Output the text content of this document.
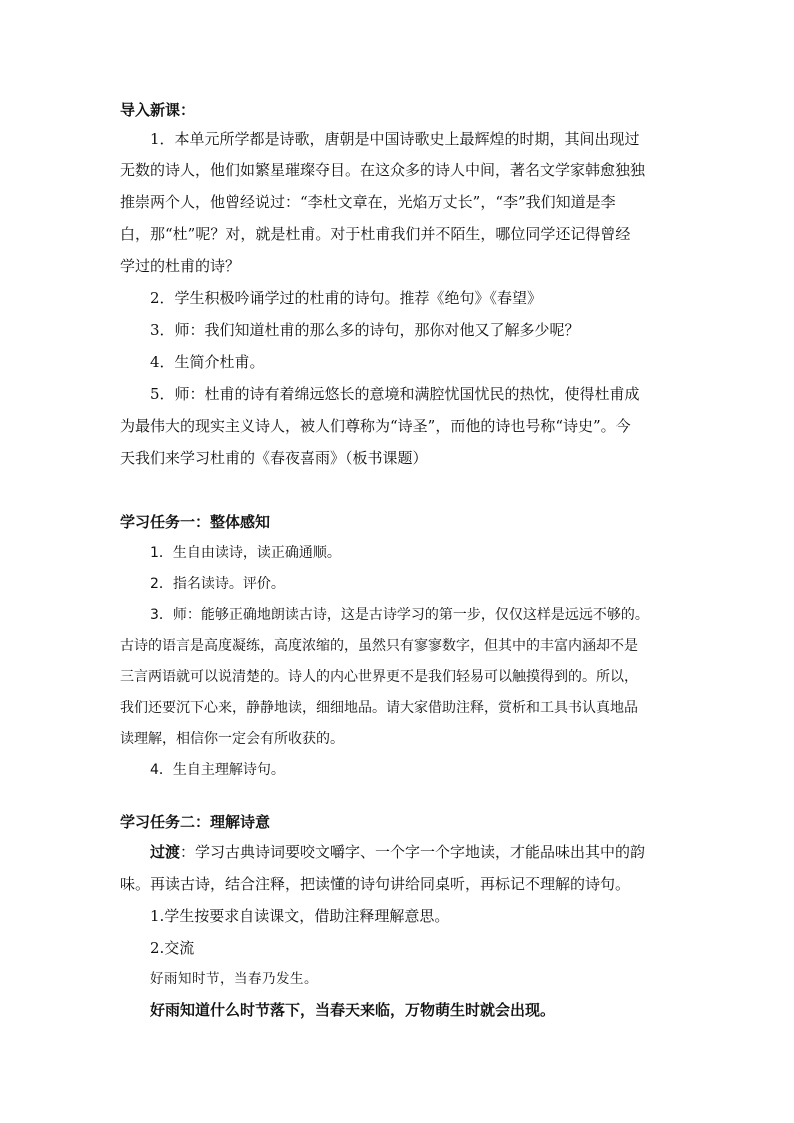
导入新课：
1．本单元所学都是诗歌，唐朝是中国诗歌史上最辉煌的时期，其间出现过
无数的诗人，他们如繁星璀璨夺目。在这众多的诗人中间，著名文学家韩愈独独
推崇两个人，他曾经说过：“李杜文章在，光焰万丈长”，“李”我们知道是李
白，那“杜”呢？对，就是杜甫。对于杜甫我们并不陌生，哪位同学还记得曾经
学过的杜甫的诗？
2．学生积极吟诵学过的杜甫的诗句。推荐《绝句》《春望》
3．师：我们知道杜甫的那么多的诗句，那你对他又了解多少呢？
4．生简介杜甫。
5．师：杜甫的诗有着绵远悠长的意境和满腔忧国忧民的热忱，使得杜甫成
为最伟大的现实主义诗人，被人们尊称为“诗圣”，而他的诗也号称“诗史”。今
天我们来学习杜甫的《春夜喜雨》（板书课题）
学习任务一：整体感知
1．生自由读诗，读正确通顺。
2．指名读诗。评价。
3．师：能够正确地朗读古诗，这是古诗学习的第一步，仅仅这样是远远不够的。
古诗的语言是高度凝练，高度浓缩的，虽然只有寥寥数字，但其中的丰富内涵却不是
三言两语就可以说清楚的。诗人的内心世界更不是我们轻易可以触摸得到的。所以，
我们还要沉下心来，静静地读，细细地品。请大家借助注释，赏析和工具书认真地品
读理解，相信你一定会有所收获的。
4．生自主理解诗句。
学习任务二：理解诗意
过渡：学习古典诗词要咬文嚼字、一个字一个字地读，才能品味出其中的韵
味。再读古诗，结合注释，把读懂的诗句讲给同桌听，再标记不理解的诗句。
1.学生按要求自读课文，借助注释理解意思。
2.交流
好雨知时节，当春乃发生。
好雨知道什么时节落下，当春天来临，万物萌生时就会出现。
